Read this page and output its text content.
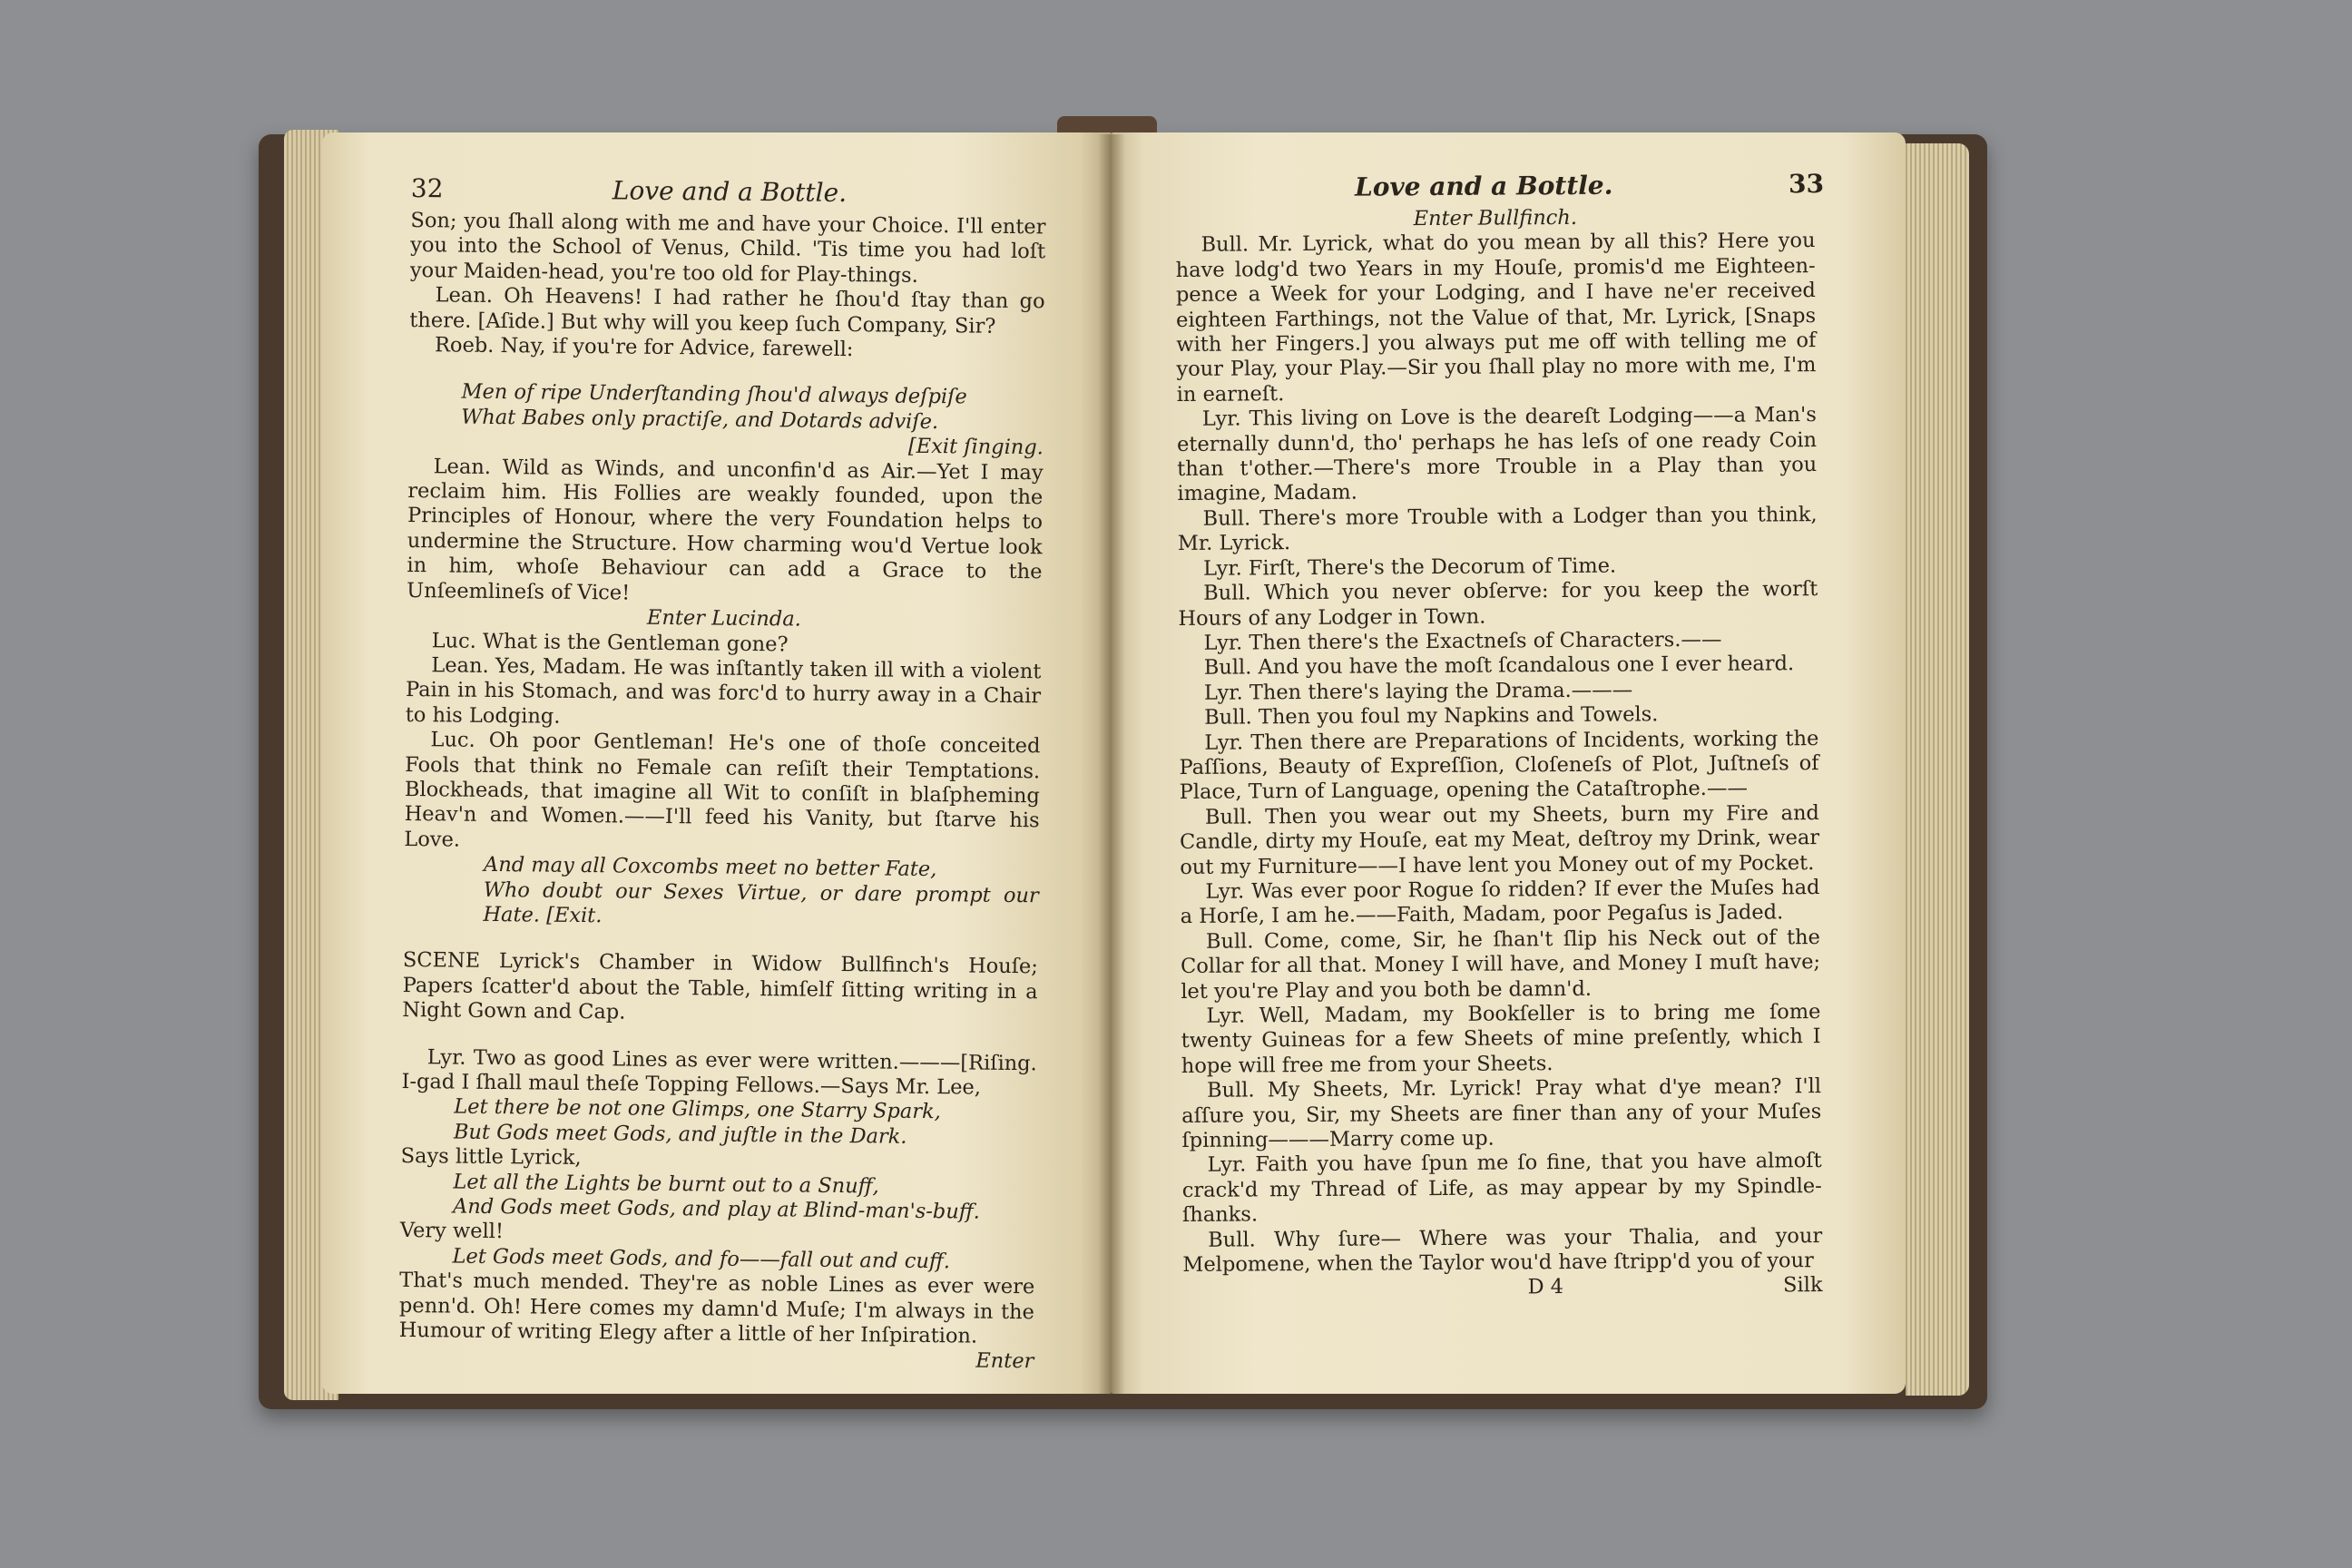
32	Love and a Bottle.

Son; you ſhall along with me and have your Choice. I'll enter you into the School of Venus, Child. 'Tis time you had loſt your Maiden-head, you're too old for Play-things.

Lean. Oh Heavens! I had rather he ſhou'd ſtay than go there. [Aſide.] But why will you keep ſuch Company, Sir?

Roeb. Nay, if you're for Advice, farewell:

Men of ripe Underſtanding ſhou'd always deſpiſe

What Babes only practiſe, and Dotards adviſe.

[Exit ſinging.

Lean. Wild as Winds, and unconfin'd as Air.—Yet I may reclaim him. His Follies are weakly founded, upon the Principles of Honour, where the very Foundation helps to undermine the Structure. How charming wou'd Vertue look in him, whoſe Behaviour can add a Grace to the Unſeemlineſs of Vice!

Enter Lucinda.

Luc. What is the Gentleman gone?

Lean. Yes, Madam. He was inſtantly taken ill with a violent Pain in his Stomach, and was forc'd to hurry away in a Chair to his Lodging.

Luc. Oh poor Gentleman! He's one of thoſe conceited Fools that think no Female can reſiſt their Temptations. Blockheads, that imagine all Wit to conſiſt in blaſpheming Heav'n and Women.——I'll feed his Vanity, but ſtarve his Love.

And may all Coxcombs meet no better Fate,

Who doubt our Sexes Virtue, or dare prompt our Hate. [Exit.

SCENE Lyrick's Chamber in Widow Bullfinch's Houſe; Papers ſcatter'd about the Table, himſelf ſitting writing in a Night Gown and Cap.

Lyr. Two as good Lines as ever were written.———[Riſing. I-gad I ſhall maul theſe Topping Fellows.—Says Mr. Lee,

Let there be not one Glimps, one Starry Spark,

But Gods meet Gods, and juſtle in the Dark.

Says little Lyrick,

Let all the Lights be burnt out to a Snuff,

And Gods meet Gods, and play at Blind-man's-buff.

Very well!

Let Gods meet Gods, and fo——fall out and cuff.

That's much mended. They're as noble Lines as ever were penn'd. Oh! Here comes my damn'd Muſe; I'm always in the Humour of writing Elegy after a little of her Inſpiration.

Enter
Love and a Bottle.	33

Enter Bullfinch.

Bull. Mr. Lyrick, what do you mean by all this? Here you have lodg'd two Years in my Houſe, promis'd me Eighteen-pence a Week for your Lodging, and I have ne'er received eighteen Farthings, not the Value of that, Mr. Lyrick, [Snaps with her Fingers.] you always put me off with telling me of your Play, your Play.—Sir you ſhall play no more with me, I'm in earneſt.

Lyr. This living on Love is the deareſt Lodging——a Man's eternally dunn'd, tho' perhaps he has leſs of one ready Coin than t'other.—There's more Trouble in a Play than you imagine, Madam.

Bull. There's more Trouble with a Lodger than you think, Mr. Lyrick.

Lyr. Firſt, There's the Decorum of Time.

Bull. Which you never obſerve: for you keep the worſt Hours of any Lodger in Town.

Lyr. Then there's the Exactneſs of Characters.——

Bull. And you have the moſt ſcandalous one I ever heard.

Lyr. Then there's laying the Drama.———

Bull. Then you foul my Napkins and Towels.

Lyr. Then there are Preparations of Incidents, working the Paſſions, Beauty of Expreſſion, Cloſeneſs of Plot, Juſtneſs of Place, Turn of Language, opening the Cataſtrophe.——

Bull. Then you wear out my Sheets, burn my Fire and Candle, dirty my Houſe, eat my Meat, deſtroy my Drink, wear out my Furniture——I have lent you Money out of my Pocket.

Lyr. Was ever poor Rogue ſo ridden? If ever the Muſes had a Horſe, I am he.——Faith, Madam, poor Pegaſus is Jaded.

Bull. Come, come, Sir, he ſhan't ſlip his Neck out of the Collar for all that. Money I will have, and Money I muſt have; let you're Play and you both be damn'd.

Lyr. Well, Madam, my Bookſeller is to bring me ſome twenty Guineas for a few Sheets of mine preſently, which I hope will free me from your Sheets.

Bull. My Sheets, Mr. Lyrick! Pray what d'ye mean? I'll aſſure you, Sir, my Sheets are finer than any of your Muſes ſpinning———Marry come up.

Lyr. Faith you have ſpun me ſo fine, that you have almoſt crack'd my Thread of Life, as may appear by my Spindle-ſhanks.

Bull. Why ſure— Where was your Thalia, and your Melpomene, when the Taylor wou'd have ſtripp'd you of your

D 4	Silk
